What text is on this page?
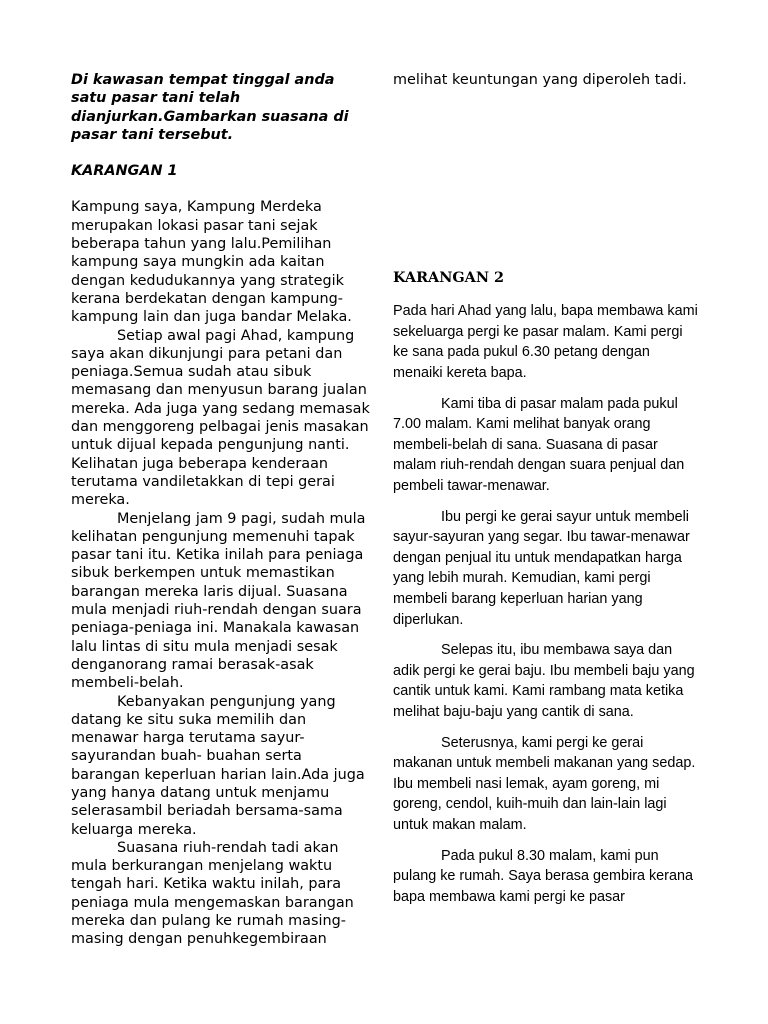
Di kawasan tempat tinggal anda satu pasar tani telah dianjurkan.Gambarkan suasana di pasar tani tersebut.

KARANGAN 1

Kampung saya, Kampung Merdeka merupakan lokasi pasar tani sejak beberapa tahun yang lalu.Pemilihan kampung saya mungkin ada kaitan dengan kedudukannya yang strategik kerana berdekatan dengan kampung-kampung lain dan juga bandar Melaka.

Setiap awal pagi Ahad, kampung saya akan dikunjungi para petani dan peniaga.Semua sudah atau sibuk memasang dan menyusun barang jualan mereka. Ada juga yang sedang memasak dan menggoreng pelbagai jenis masakan untuk dijual kepada pengunjung nanti. Kelihatan juga beberapa kenderaan terutama vandiletakkan di tepi gerai mereka.

Menjelang jam 9 pagi, sudah mula kelihatan pengunjung memenuhi tapak pasar tani itu. Ketika inilah para peniaga sibuk berkempen untuk memastikan barangan mereka laris dijual. Suasana mula menjadi riuh-rendah dengan suara peniaga-peniaga ini. Manakala kawasan lalu lintas di situ mula menjadi sesak denganorang ramai berasak-asak membeli-belah.

Kebanyakan pengunjung yang datang ke situ suka memilih dan menawar harga terutama sayur-sayurandan buah- buahan serta barangan keperluan harian lain.Ada juga yang hanya datang untuk menjamu selerasambil beriadah bersama-sama keluarga mereka.

Suasana riuh-rendah tadi akan mula berkurangan menjelang waktu tengah hari. Ketika waktu inilah, para peniaga mula mengemaskan barangan mereka dan pulang ke rumah masing-masing dengan penuhkegembiraan

melihat keuntungan yang diperoleh tadi.

KARANGAN 2

Pada hari Ahad yang lalu, bapa membawa kami sekeluarga pergi ke pasar malam. Kami pergi ke sana pada pukul 6.30 petang dengan menaiki kereta bapa.

Kami tiba di pasar malam pada pukul 7.00 malam. Kami melihat banyak orang membeli-belah di sana. Suasana di pasar malam riuh-rendah dengan suara penjual dan pembeli tawar-menawar.

Ibu pergi ke gerai sayur untuk membeli sayur-sayuran yang segar. Ibu tawar-menawar dengan penjual itu untuk mendapatkan harga yang lebih murah. Kemudian, kami pergi membeli barang keperluan harian yang diperlukan.

Selepas itu, ibu membawa saya dan adik pergi ke gerai baju. Ibu membeli baju yang cantik untuk kami. Kami rambang mata ketika melihat baju-baju yang cantik di sana.

Seterusnya, kami pergi ke gerai makanan untuk membeli makanan yang sedap. Ibu membeli nasi lemak, ayam goreng, mi goreng, cendol, kuih-muih dan lain-lain lagi untuk makan malam.

Pada pukul 8.30 malam, kami pun pulang ke rumah. Saya berasa gembira kerana bapa membawa kami pergi ke pasar
